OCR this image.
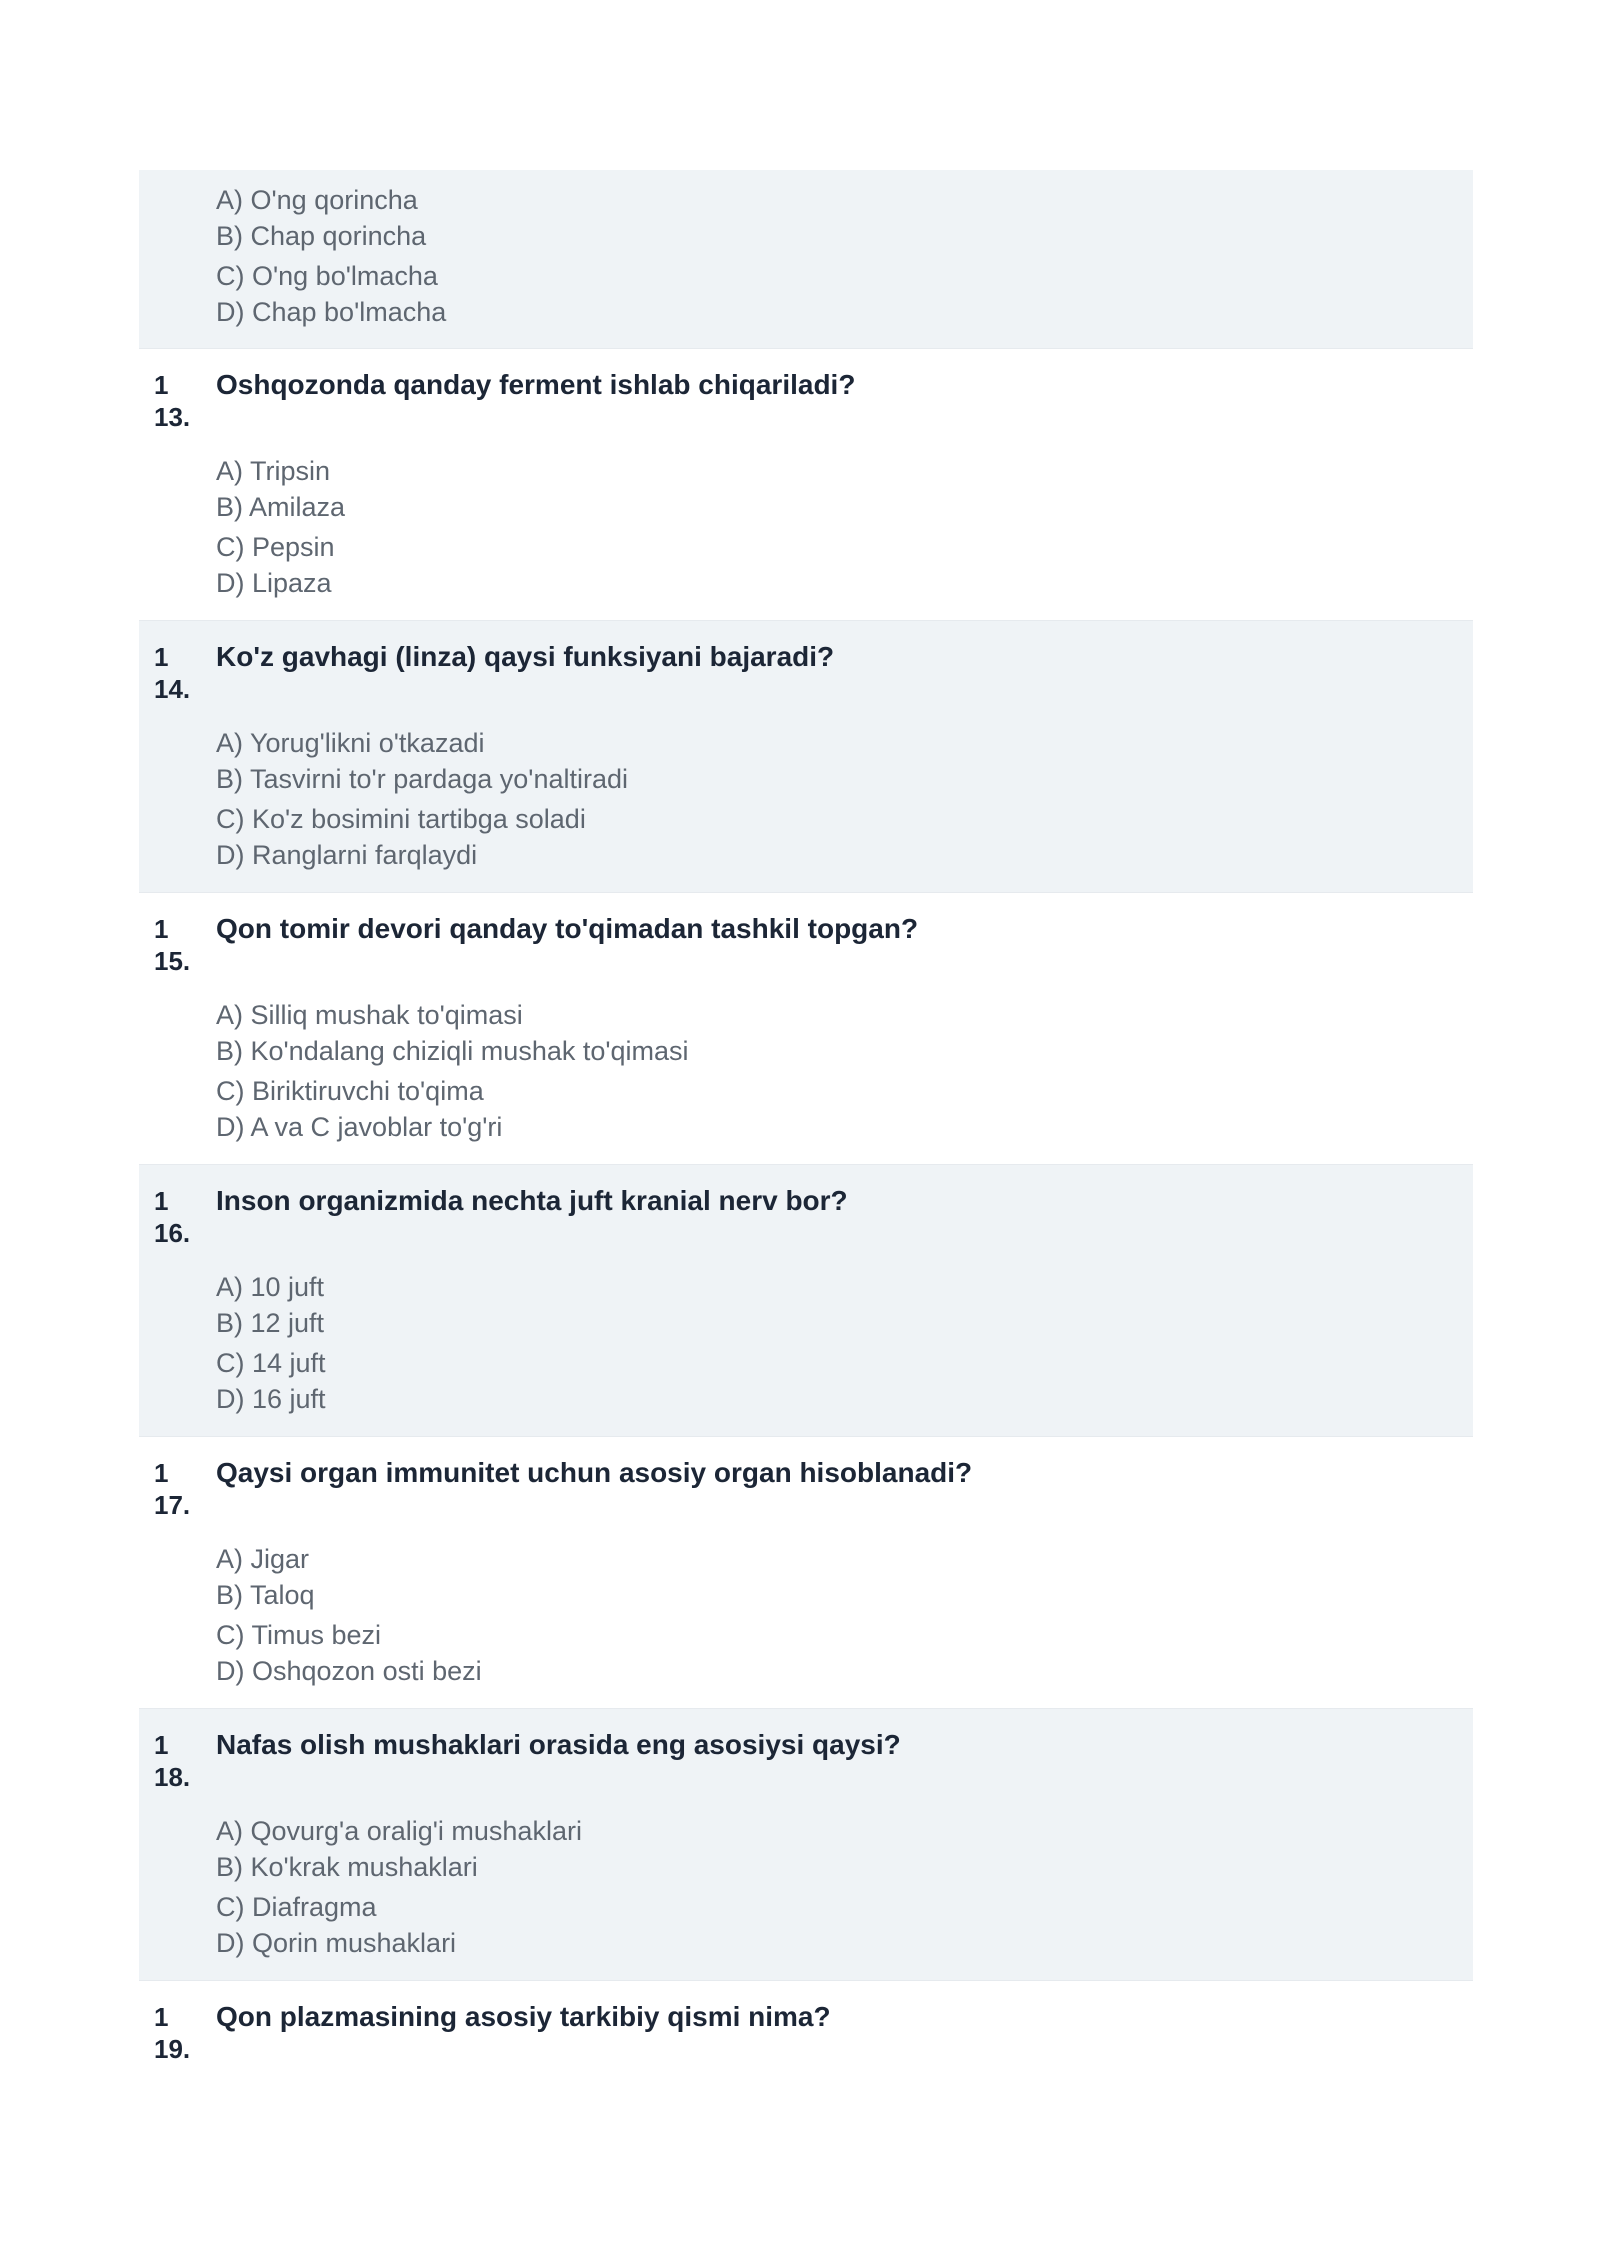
A) O'ng qorincha
B) Chap qorincha
C) O'ng bo'lmacha
D) Chap bo'lmacha
1
13.
Oshqozonda qanday ferment ishlab chiqariladi?
A) Tripsin
B) Amilaza
C) Pepsin
D) Lipaza
1
14.
Ko'z gavhagi (linza) qaysi funksiyani bajaradi?
A) Yorug'likni o'tkazadi
B) Tasvirni to'r pardaga yo'naltiradi
C) Ko'z bosimini tartibga soladi
D) Ranglarni farqlaydi
1
15.
Qon tomir devori qanday to'qimadan tashkil topgan?
A) Silliq mushak to'qimasi
B) Ko'ndalang chiziqli mushak to'qimasi
C) Biriktiruvchi to'qima
D) A va C javoblar to'g'ri
1
16.
Inson organizmida nechta juft kranial nerv bor?
A) 10 juft
B) 12 juft
C) 14 juft
D) 16 juft
1
17.
Qaysi organ immunitet uchun asosiy organ hisoblanadi?
A) Jigar
B) Taloq
C) Timus bezi
D) Oshqozon osti bezi
1
18.
Nafas olish mushaklari orasida eng asosiysi qaysi?
A) Qovurg'a oralig'i mushaklari
B) Ko'krak mushaklari
C) Diafragma
D) Qorin mushaklari
1
19.
Qon plazmasining asosiy tarkibiy qismi nima?
